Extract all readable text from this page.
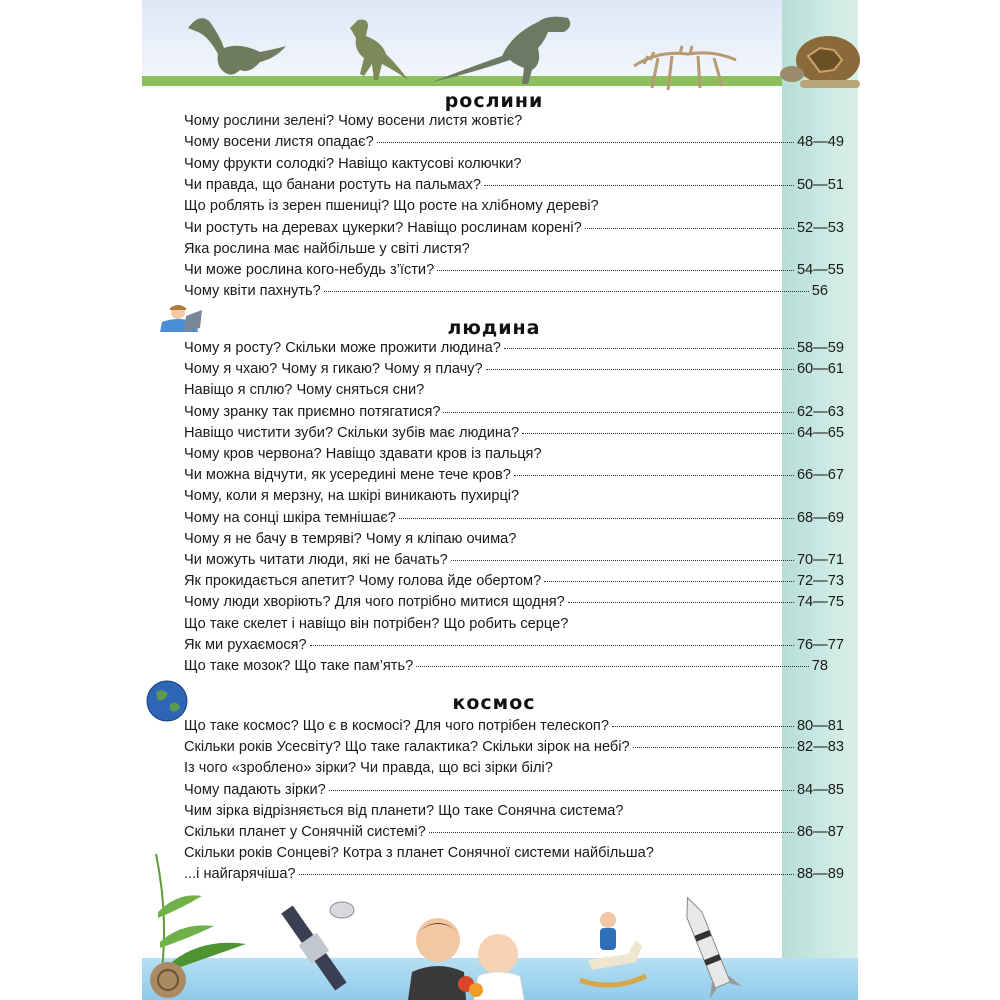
рослини
Чому рослини зелені? Чому восени листя жовтіє?
Чому восени листя опадає?	48—49
Чому фрукти солодкі? Навіщо кактусові колючки?
Чи правда, що банани ростуть на пальмах?	50—51
Що роблять із зерен пшениці? Що росте на хлібному дереві?
Чи ростуть на деревах цукерки? Навіщо рослинам корені?	52—53
Яка рослина має найбільше у світі листя?
Чи може рослина кого-небудь з’їсти?	54—55
Чому квіти пахнуть?	56
людина
Чому я росту? Скільки може прожити людина?	58—59
Чому я чхаю? Чому я гикаю? Чому я плачу?	60—61
Навіщо я сплю? Чому сняться сни?
Чому зранку так приємно потягатися?	62—63
Навіщо чистити зуби? Скільки зубів має людина?	64—65
Чому кров червона? Навіщо здавати кров із пальця?
Чи можна відчути, як усередині мене тече кров?	66—67
Чому, коли я мерзну, на шкірі виникають пухирці?
Чому на сонці шкіра темнішає?	68—69
Чому я не бачу в темряві? Чому я кліпаю очима?
Чи можуть читати люди, які не бачать?	70—71
Як прокидається апетит? Чому голова йде обертом?	72—73
Чому люди хворіють? Для чого потрібно митися щодня?	74—75
Що таке скелет і навіщо він потрібен? Що робить серце?
Як ми рухаємося?	76—77
Що таке мозок? Що таке пам’ять?	78
космос
Що таке космос? Що є в космосі? Для чого потрібен телескоп?	80—81
Скільки років Усесвіту? Що таке галактика? Скільки зірок на небі?	82—83
Із чого «зроблено» зірки? Чи правда, що всі зірки білі?
Чому падають зірки?	84—85
Чим зірка відрізняється від планети? Що таке Сонячна система?
Скільки планет у Сонячній системі?	86—87
Скільки років Сонцеві? Котра з планет Сонячної системи найбільша?
...і найгарячіша?	88—89
